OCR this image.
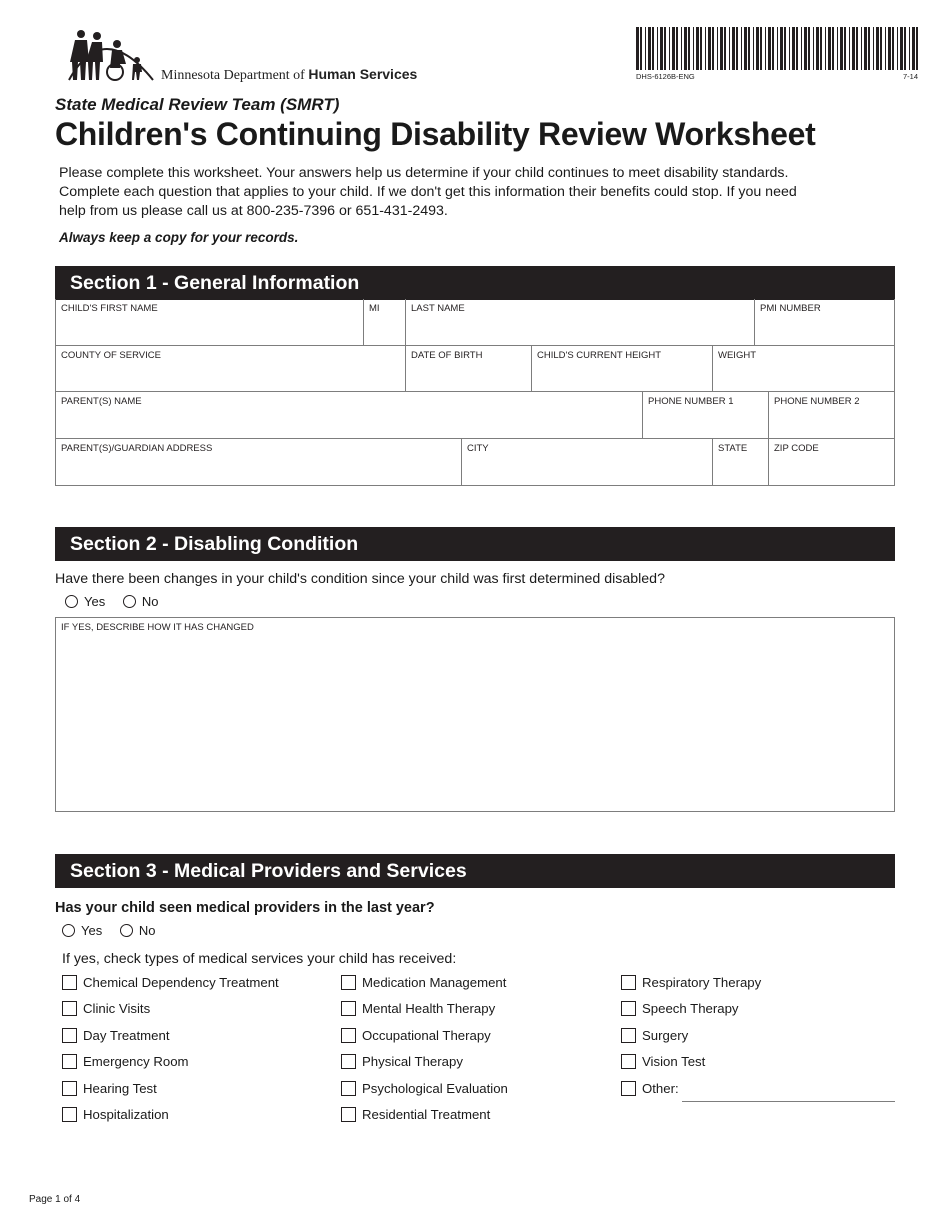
Minnesota Department of Human Services	DHS-6126B-ENG	7-14
State Medical Review Team (SMRT)
Children's Continuing Disability Review Worksheet

Please complete this worksheet. Your answers help us determine if your child continues to meet disability standards.

Complete each question that applies to your child. If we don't get this information their benefits could stop. If you need

help from us please call us at 800-235-7396 or 651-431-2493.

Always keep a copy for your records.
Section 1 - General Information
CHILD'S FIRST NAME	MI	LAST NAME	PMI NUMBER
COUNTY OF SERVICE	DATE OF BIRTH	CHILD'S CURRENT HEIGHT	WEIGHT
PARENT(S) NAME	PHONE NUMBER 1	PHONE NUMBER 2
PARENT(S)/GUARDIAN ADDRESS	CITY	STATE	ZIP CODE
Section 2 - Disabling Condition
Have there been changes in your child's condition since your child was first determined disabled?
Yes	No
IF YES, DESCRIBE HOW IT HAS CHANGED
Section 3 - Medical Providers and Services
Has your child seen medical providers in the last year?
Yes	No
If yes, check types of medical services your child has received:
Chemical Dependency Treatment
Clinic Visits
Day Treatment
Emergency Room
Hearing Test
Hospitalization
Medication Management
Mental Health Therapy
Occupational Therapy
Physical Therapy
Psychological Evaluation
Residential Treatment
Respiratory Therapy
Speech Therapy
Surgery
Vision Test
Other:
Page 1 of 4
